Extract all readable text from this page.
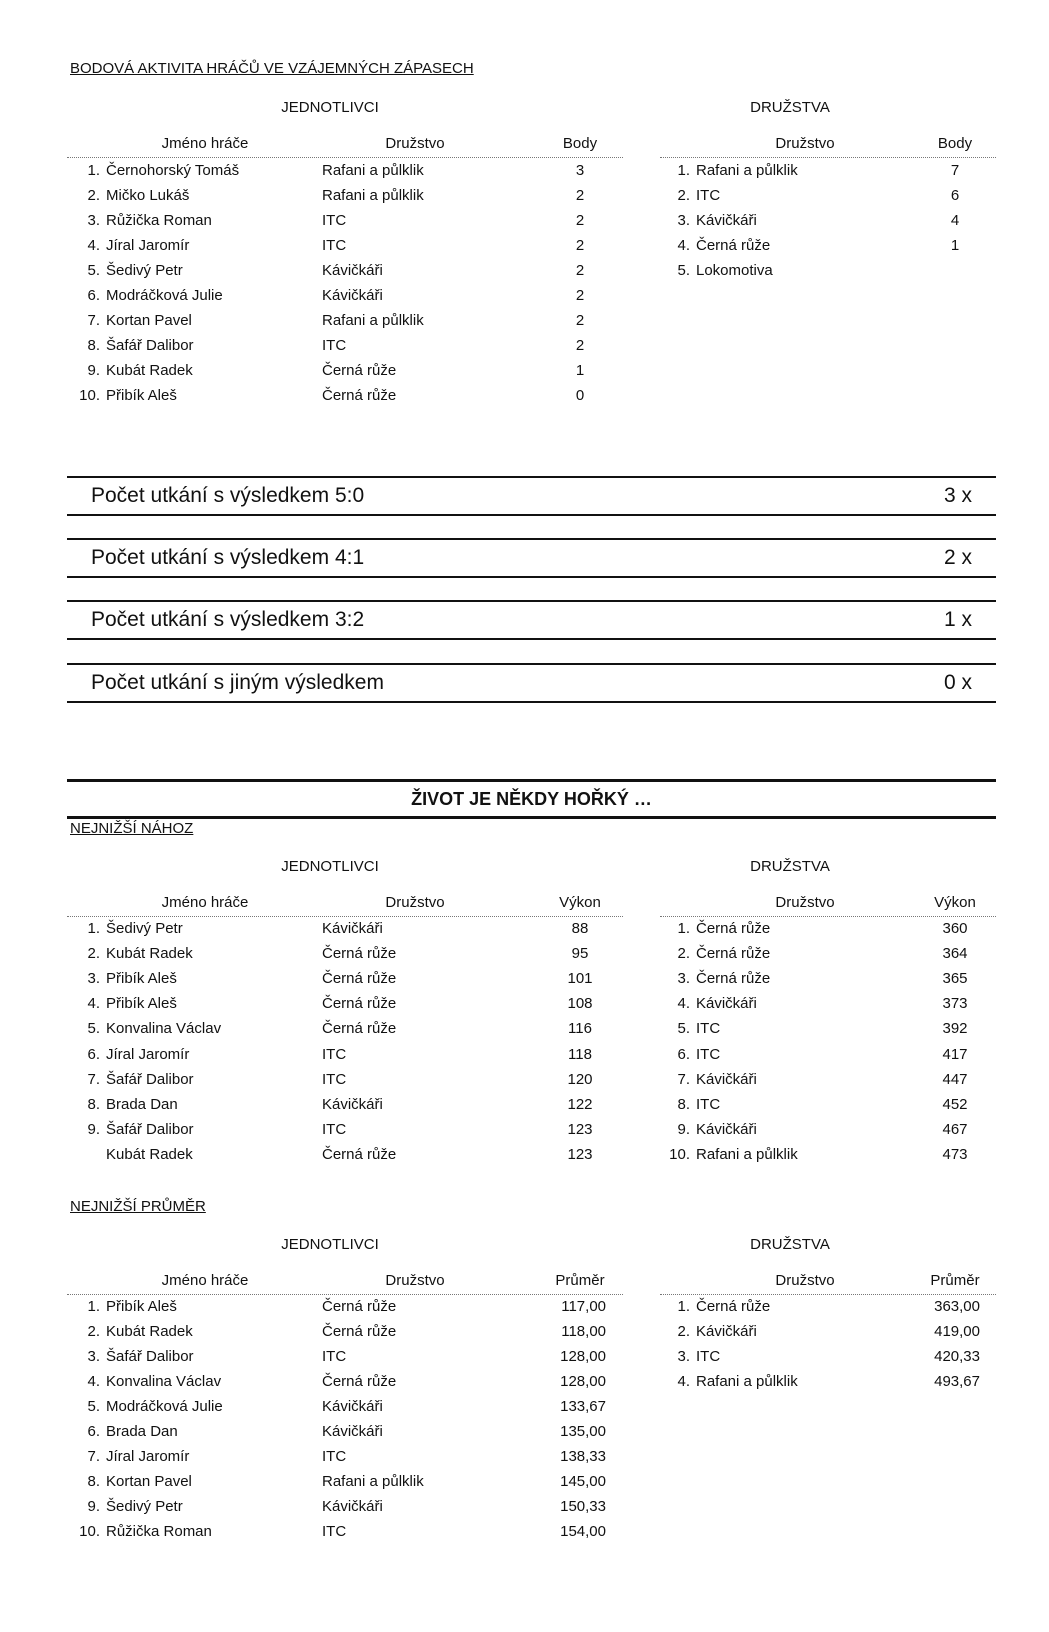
BODOVÁ AKTIVITA HRÁČŮ VE VZÁJEMNÝCH ZÁPASECH
JEDNOTLIVCI	DRUŽSTVA
Jméno hráče	Družstvo	Body	Družstvo	Body
1. Černohorský Tomáš	Rafani a půlklik	3
2. Mičko Lukáš	Rafani a půlklik	2
3. Růžička Roman	ITC	2
4. Jíral Jaromír	ITC	2
5. Šedivý Petr	Kávičkáři	2
6. Modráčková Julie	Kávičkáři	2
7. Kortan Pavel	Rafani a půlklik	2
8. Šafář Dalibor	ITC	2
9. Kubát Radek	Černá růže	1
10. Přibík Aleš	Černá růže	0
1. Rafani a půlklik	7
2. ITC	6
3. Kávičkáři	4
4. Černá růže	1
5. Lokomotiva
Počet utkání s výsledkem 5:0	3 x
Počet utkání s výsledkem 4:1	2 x
Počet utkání s výsledkem 3:2	1 x
Počet utkání s jiným výsledkem	0 x
ŽIVOT JE NĚKDY HOŘKÝ …
NEJNIŽŠÍ NÁHOZ
JEDNOTLIVCI	DRUŽSTVA
Jméno hráče	Družstvo	Výkon	Družstvo	Výkon
1. Šedivý Petr	Kávičkáři	88
2. Kubát Radek	Černá růže	95
3. Přibík Aleš	Černá růže	101
4. Přibík Aleš	Černá růže	108
5. Konvalina Václav	Černá růže	116
6. Jíral Jaromír	ITC	118
7. Šafář Dalibor	ITC	120
8. Brada Dan	Kávičkáři	122
9. Šafář Dalibor	ITC	123
Kubát Radek	Černá růže	123
1. Černá růže	360
2. Černá růže	364
3. Černá růže	365
4. Kávičkáři	373
5. ITC	392
6. ITC	417
7. Kávičkáři	447
8. ITC	452
9. Kávičkáři	467
10. Rafani a půlklik	473
NEJNIŽŠÍ PRŮMĚR
JEDNOTLIVCI	DRUŽSTVA
Jméno hráče	Družstvo	Průměr	Družstvo	Průměr
1. Přibík Aleš	Černá růže	117,00
2. Kubát Radek	Černá růže	118,00
3. Šafář Dalibor	ITC	128,00
4. Konvalina Václav	Černá růže	128,00
5. Modráčková Julie	Kávičkáři	133,67
6. Brada Dan	Kávičkáři	135,00
7. Jíral Jaromír	ITC	138,33
8. Kortan Pavel	Rafani a půlklik	145,00
9. Šedivý Petr	Kávičkáři	150,33
10. Růžička Roman	ITC	154,00
1. Černá růže	363,00
2. Kávičkáři	419,00
3. ITC	420,33
4. Rafani a půlklik	493,67
